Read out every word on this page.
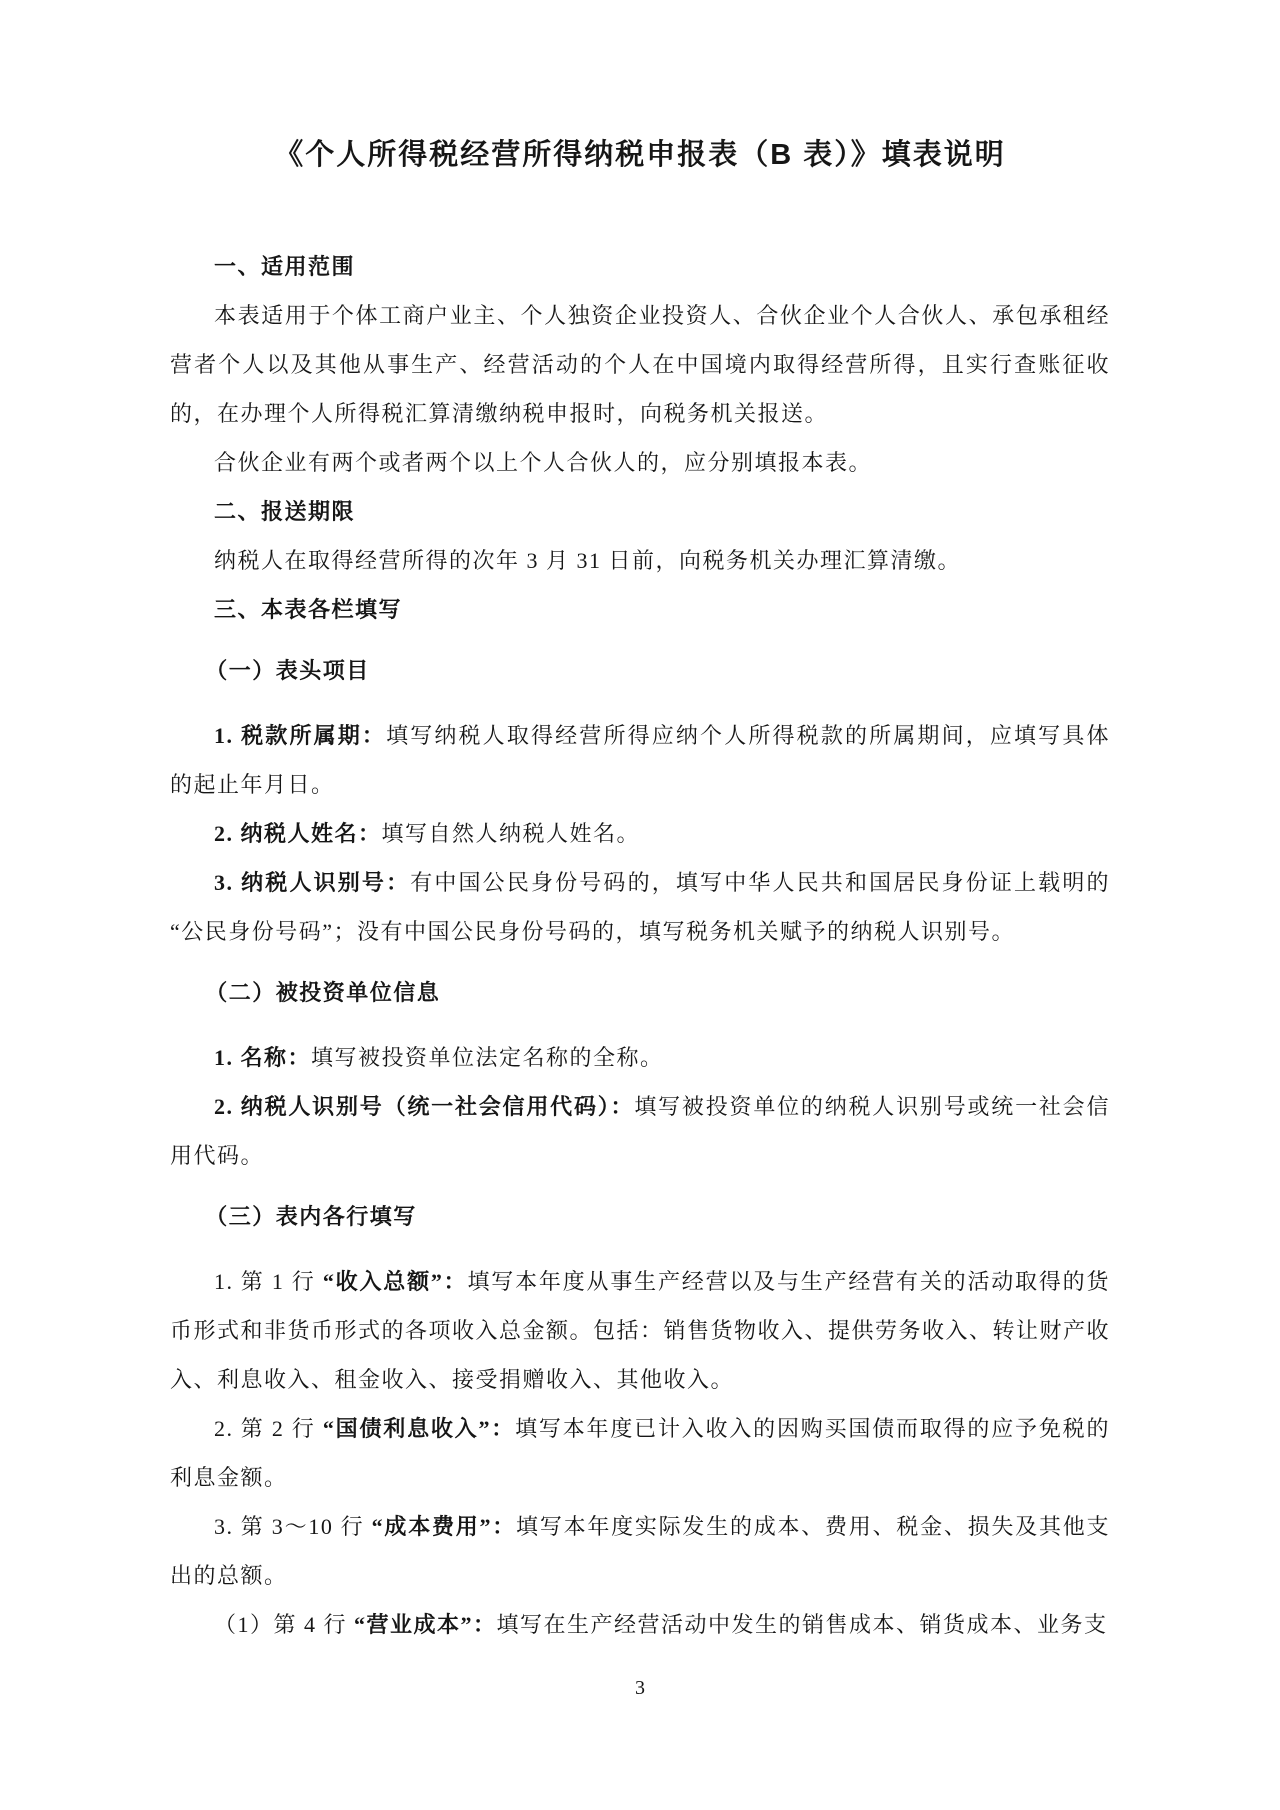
《个人所得税经营所得纳税申报表（B 表）》填表说明
一、适用范围

本表适用于个体工商户业主、个人独资企业投资人、合伙企业个人合伙人、承包承租经营者个人以及其他从事生产、经营活动的个人在中国境内取得经营所得，且实行查账征收的，在办理个人所得税汇算清缴纳税申报时，向税务机关报送。

合伙企业有两个或者两个以上个人合伙人的，应分别填报本表。

二、报送期限

纳税人在取得经营所得的次年 3 月 31 日前，向税务机关办理汇算清缴。

三、本表各栏填写
（一）表头项目

1. 税款所属期：填写纳税人取得经营所得应纳个人所得税款的所属期间，应填写具体的起止年月日。

2. 纳税人姓名：填写自然人纳税人姓名。

3. 纳税人识别号：有中国公民身份号码的，填写中华人民共和国居民身份证上载明的“公民身份号码”；没有中国公民身份号码的，填写税务机关赋予的纳税人识别号。

（二）被投资单位信息

1. 名称：填写被投资单位法定名称的全称。

2. 纳税人识别号（统一社会信用代码）：填写被投资单位的纳税人识别号或统一社会信用代码。

（三）表内各行填写

1. 第 1 行 “收入总额”：填写本年度从事生产经营以及与生产经营有关的活动取得的货币形式和非货币形式的各项收入总金额。包括：销售货物收入、提供劳务收入、转让财产收入、利息收入、租金收入、接受捐赠收入、其他收入。

2. 第 2 行 “国债利息收入”：填写本年度已计入收入的因购买国债而取得的应予免税的利息金额。

3. 第 3～10 行 “成本费用”：填写本年度实际发生的成本、费用、税金、损失及其他支出的总额。

（1）第 4 行 “营业成本”：填写在生产经营活动中发生的销售成本、销货成本、业务支

3
